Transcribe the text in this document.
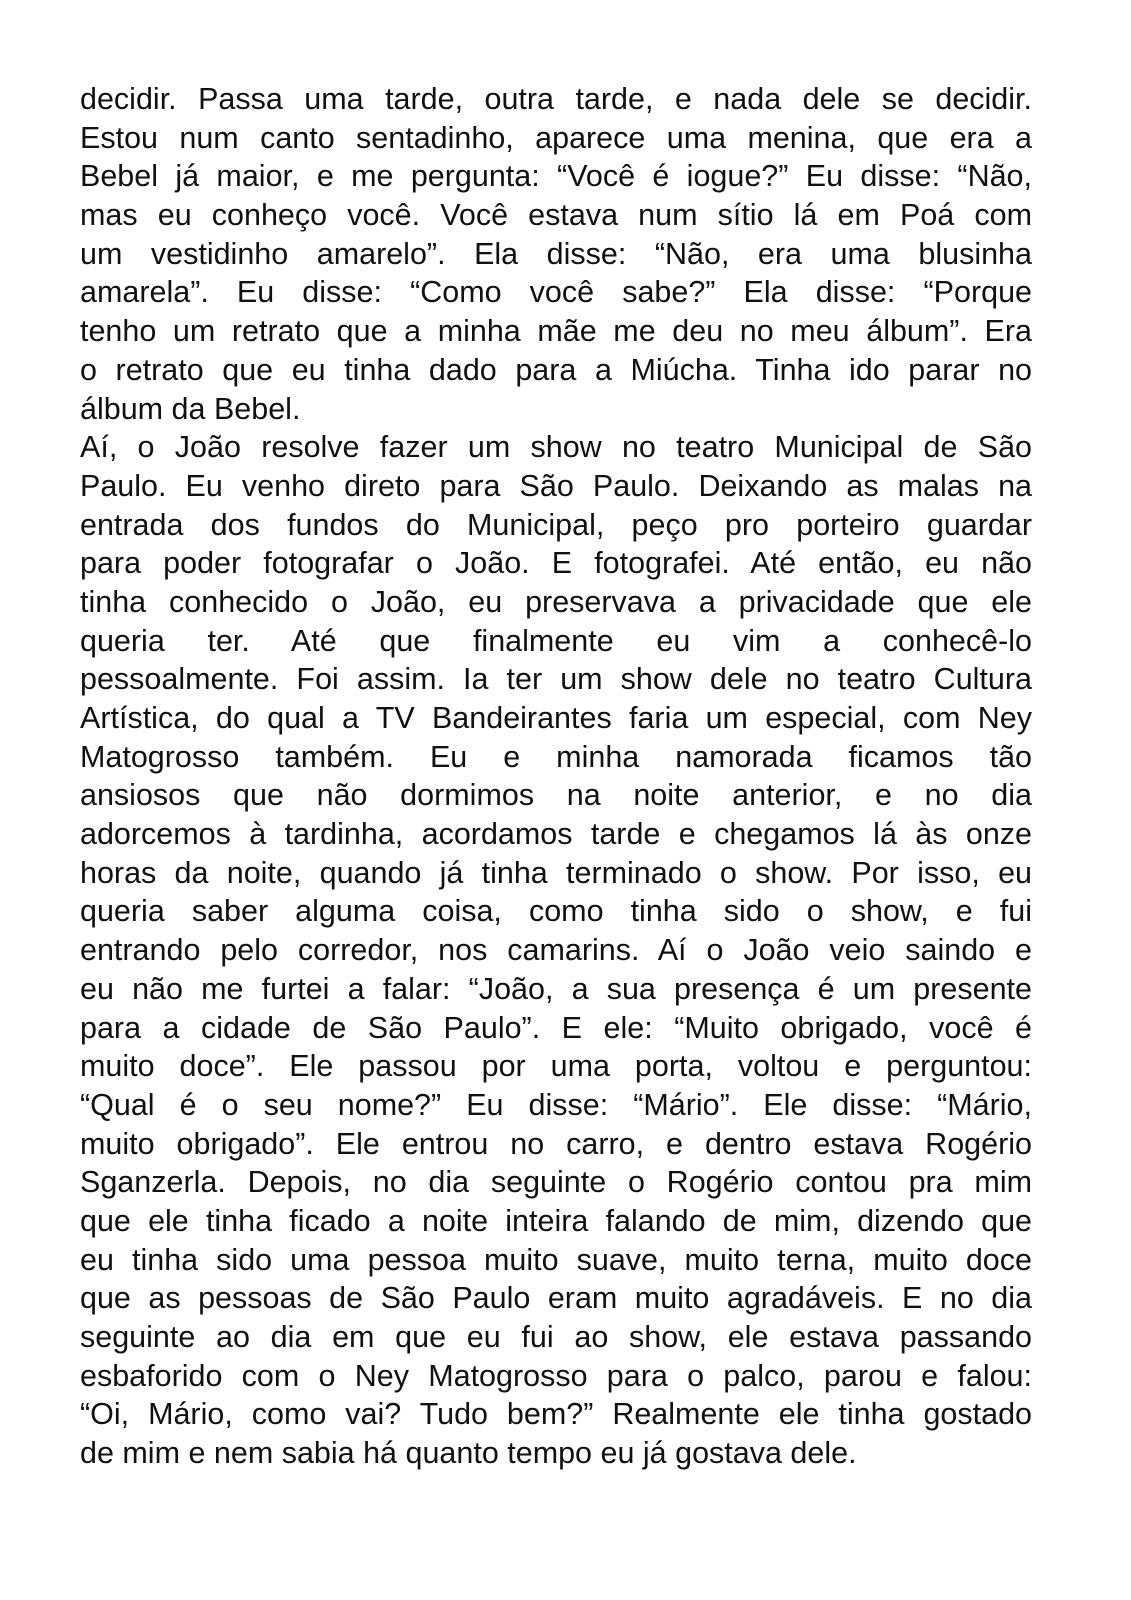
decidir. Passa uma tarde, outra tarde, e nada dele se decidir.
Estou num canto sentadinho, aparece uma menina, que era a
Bebel já maior, e me pergunta: “Você é iogue?” Eu disse: “Não,
mas eu conheço você. Você estava num sítio lá em Poá com
um vestidinho amarelo”. Ela disse: “Não, era uma blusinha
amarela”. Eu disse: “Como você sabe?” Ela disse: “Porque
tenho um retrato que a minha mãe me deu no meu álbum”. Era
o retrato que eu tinha dado para a Miúcha. Tinha ido parar no
álbum da Bebel.
Aí, o João resolve fazer um show no teatro Municipal de São
Paulo. Eu venho direto para São Paulo. Deixando as malas na
entrada dos fundos do Municipal, peço pro porteiro guardar
para poder fotografar o João. E fotografei. Até então, eu não
tinha conhecido o João, eu preservava a privacidade que ele
queria ter. Até que finalmente eu vim a conhecê-lo
pessoalmente. Foi assim. Ia ter um show dele no teatro Cultura
Artística, do qual a TV Bandeirantes faria um especial, com Ney
Matogrosso também. Eu e minha namorada ficamos tão
ansiosos que não dormimos na noite anterior, e no dia
adorcemos à tardinha, acordamos tarde e chegamos lá às onze
horas da noite, quando já tinha terminado o show. Por isso, eu
queria saber alguma coisa, como tinha sido o show, e fui
entrando pelo corredor, nos camarins. Aí o João veio saindo e
eu não me furtei a falar: “João, a sua presença é um presente
para a cidade de São Paulo”. E ele: “Muito obrigado, você é
muito doce”. Ele passou por uma porta, voltou e perguntou:
“Qual é o seu nome?” Eu disse: “Mário”. Ele disse: “Mário,
muito obrigado”. Ele entrou no carro, e dentro estava Rogério
Sganzerla. Depois, no dia seguinte o Rogério contou pra mim
que ele tinha ficado a noite inteira falando de mim, dizendo que
eu tinha sido uma pessoa muito suave, muito terna, muito doce
que as pessoas de São Paulo eram muito agradáveis. E no dia
seguinte ao dia em que eu fui ao show, ele estava passando
esbaforido com o Ney Matogrosso para o palco, parou e falou:
“Oi, Mário, como vai? Tudo bem?” Realmente ele tinha gostado
de mim e nem sabia há quanto tempo eu já gostava dele.
